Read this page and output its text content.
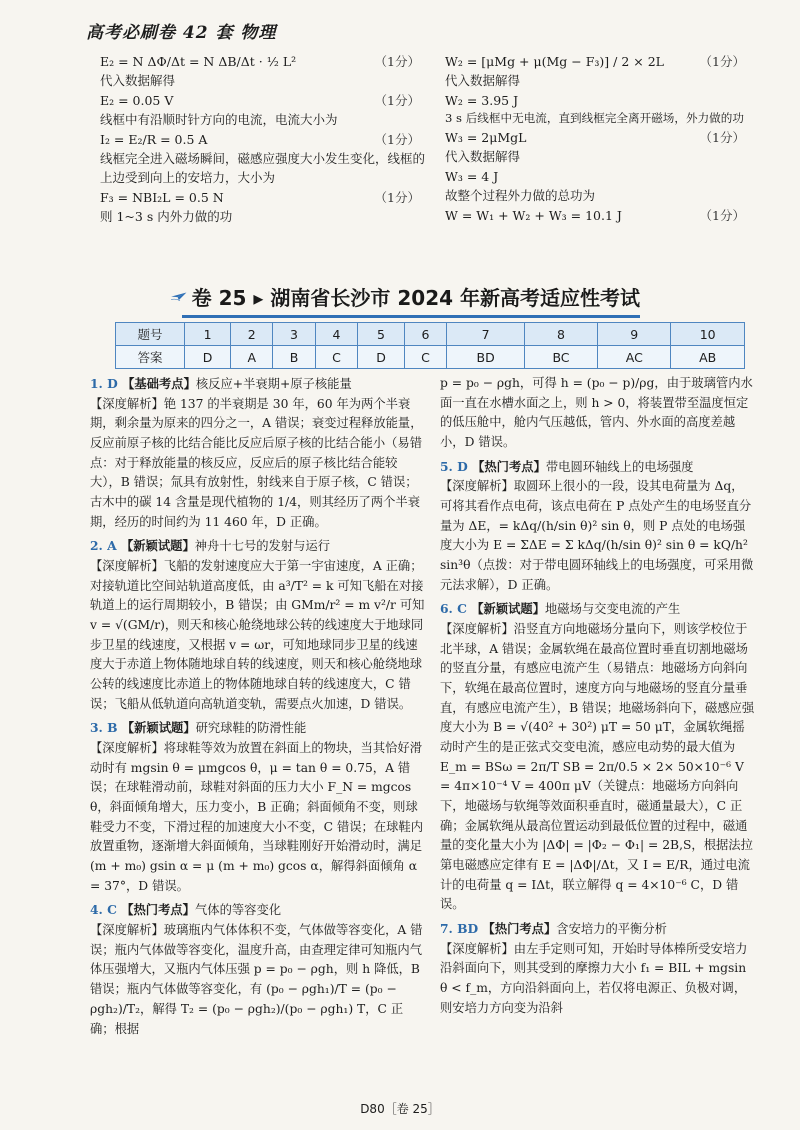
高考必刷卷 42 套 物理
E₂ = N ΔΦ/Δt = N ΔB/Δt · ½ L²	（1分）
代入数据解得
E₂ = 0.05 V	（1分）
线框中有沿顺时针方向的电流，电流大小为
I₂ = E₂/R = 0.5 A	（1分）
线框完全进入磁场瞬间，磁感应强度大小发生变化，线框的
上边受到向上的安培力，大小为
F₃ = NBI₂L = 0.5 N	（1分）
则 1~3 s 内外力做的功
W₂ = [μMg + μ(Mg − F₃)] / 2 × 2L	（1分）
代入数据解得
W₂ = 3.95 J
3 s 后线框中无电流，直到线框完全离开磁场，外力做的功
W₃ = 2μMgL	（1分）
代入数据解得
W₃ = 4 J
故整个过程外力做的总功为
W = W₁ + W₂ + W₃ = 10.1 J	（1分）
卷 25 ▸ 湖南省长沙市 2024 年新高考适应性考试
题号	1	2	3	4	5	6	7	8	9	10
答案	D	A	B	C	D	C	BD	BC	AC	AB
1. D 【基础考点】核反应+半衰期+原子核能量
【深度解析】铯 137 的半衰期是 30 年，60 年为两个半衰期，剩余量为原来的四分之一，A 错误；衰变过程释放能量，反应前原子核的比结合能比反应后原子核的比结合能小（易错点：对于释放能量的核反应，反应后的原子核比结合能较大），B 错误；氚具有放射性，射线来自于原子核，C 错误；古木中的碳 14 含量是现代植物的 1/4，则其经历了两个半衰期，经历的时间约为 11 460 年，D 正确。
2. A 【新颖试题】神舟十七号的发射与运行
【深度解析】飞船的发射速度应大于第一宇宙速度，A 正确；对接轨道比空间站轨道高度低，由 a³/T² = k 可知飞船在对接轨道上的运行周期较小，B 错误；由 GMm/r² = m v²/r 可知 v = √(GM/r)，则天和核心舱绕地球公转的线速度大于地球同步卫星的线速度，又根据 v = ωr，可知地球同步卫星的线速度大于赤道上物体随地球自转的线速度，则天和核心舱绕地球公转的线速度比赤道上的物体随地球自转的线速度大，C 错误；飞船从低轨道向高轨道变轨，需要点火加速，D 错误。
3. B 【新颖试题】研究球鞋的防滑性能
【深度解析】将球鞋等效为放置在斜面上的物块，当其恰好滑动时有 mgsin θ = μmgcos θ，μ = tan θ = 0.75，A 错误；在球鞋滑动前，球鞋对斜面的压力大小 F_N = mgcos θ，斜面倾角增大，压力变小，B 正确；斜面倾角不变，则球鞋受力不变，下滑过程的加速度大小不变，C 错误；在球鞋内放置重物，逐渐增大斜面倾角，当球鞋刚好开始滑动时，满足 (m + m₀) gsin α = μ (m + m₀) gcos α，解得斜面倾角 α = 37°，D 错误。
4. C 【热门考点】气体的等容变化
【深度解析】玻璃瓶内气体体积不变，气体做等容变化，A 错误；瓶内气体做等容变化，温度升高，由查理定律可知瓶内气体压强增大，又瓶内气体压强 p = p₀ − ρgh，则 h 降低，B 错误；瓶内气体做等容变化，有 (p₀ − ρgh₁)/T = (p₀ − ρgh₂)/T₂，解得 T₂ = (p₀ − ρgh₂)/(p₀ − ρgh₁) T，C 正确；根据
p = p₀ − ρgh，可得 h = (p₀ − p)/ρg，由于玻璃管内水面一直在水槽水面之上，则 h > 0，将装置带至温度恒定的低压舱中，舱内气压越低，管内、外水面的高度差越小，D 错误。
5. D 【热门考点】带电圆环轴线上的电场强度
【深度解析】取圆环上很小的一段，设其电荷量为 Δq，可将其看作点电荷，该点电荷在 P 点处产生的电场竖直分量为 ΔE，= kΔq/(h/sin θ)² sin θ，则 P 点处的电场强度大小为 E = ΣΔE = Σ kΔq/(h/sin θ)² sin θ = kQ/h² sin³θ（点拨：对于带电圆环轴线上的电场强度，可采用微元法求解），D 正确。
6. C 【新颖试题】地磁场与交变电流的产生
【深度解析】沿竖直方向地磁场分量向下，则该学校位于北半球，A 错误；金属软绳在最高位置时垂直切割地磁场的竖直分量，有感应电流产生（易错点：地磁场方向斜向下，软绳在最高位置时，速度方向与地磁场的竖直分量垂直，有感应电流产生），B 错误；地磁场斜向下，磁感应强度大小为 B = √(40² + 30²) μT = 50 μT，金属软绳摇动时产生的是正弦式交变电流，感应电动势的最大值为 E_m = BSω = 2π/T SB = 2π/0.5 × 2× 50×10⁻⁶ V = 4π×10⁻⁴ V = 400π μV（关键点：地磁场方向斜向下，地磁场与软绳等效面积垂直时，磁通量最大），C 正确；金属软绳从最高位置运动到最低位置的过程中，磁通量的变化量大小为 |ΔΦ| = |Φ₂ − Φ₁| = 2B,S，根据法拉第电磁感应定律有 E = |ΔΦ|/Δt，又 I = E/R，通过电流计的电荷量 q = IΔt，联立解得 q = 4×10⁻⁶ C，D 错误。
7. BD 【热门考点】含安培力的平衡分析
【深度解析】由左手定则可知，开始时导体棒所受安培力沿斜面向下，则其受到的摩擦力大小 f₁ = BIL + mgsin θ < f_m，方向沿斜面向上，若仅将电源正、负极对调，则安培力方向变为沿斜
D80［卷 25］
